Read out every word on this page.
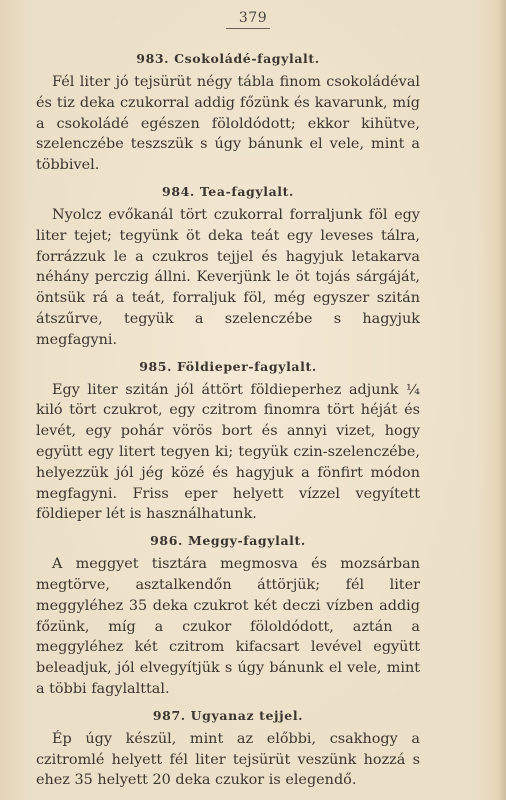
379
983. Csokoládé-fagylalt.

Fél liter jó tejsürüt négy tábla finom csokoládéval és tiz deka czukorral addig főzünk és kavarunk, míg a csokoládé egészen föloldódott; ekkor kihütve, szelenczébe teszszük s úgy bánunk el vele, mint a többivel.

984. Tea-fagylalt.

Nyolcz evőkanál tört czukorral forraljunk föl egy liter tejet; tegyünk öt deka teát egy leveses tálra, forrázzuk le a czukros tejjel és hagyjuk letakarva néhány perczig állni. Keverjünk le öt tojás sárgáját, öntsük rá a teát, forraljuk föl, még egyszer szitán átszűrve, tegyük a szelenczébe s hagyjuk megfagyni.

985. Földieper-fagylalt.

Egy liter szitán jól áttört földieperhez adjunk ¼ kiló tört czukrot, egy czitrom finomra tört héját és levét, egy pohár vörös bort és annyi vizet, hogy együtt egy litert tegyen ki; tegyük czin-szelenczébe, helyezzük jól jég közé és hagyjuk a fönfirt módon megfagyni. Friss eper helyett vízzel vegyített földieper lét is használhatunk.

986. Meggy-fagylalt.

A meggyet tisztára megmosva és mozsárban megtörve, asztalkendőn áttörjük; fél liter meggyléhez 35 deka czukrot két deczi vízben addig főzünk, míg a czukor föloldódott, aztán a meggyléhez két czitrom kifacsart levével együtt beleadjuk, jól elvegyítjük s úgy bánunk el vele, mint a többi fagylalttal.

987. Ugyanaz tejjel.

Ép úgy készül, mint az előbbi, csakhogy a czitromlé helyett fél liter tejsürüt veszünk hozzá s ehez 35 helyett 20 deka czukor is elegendő.
